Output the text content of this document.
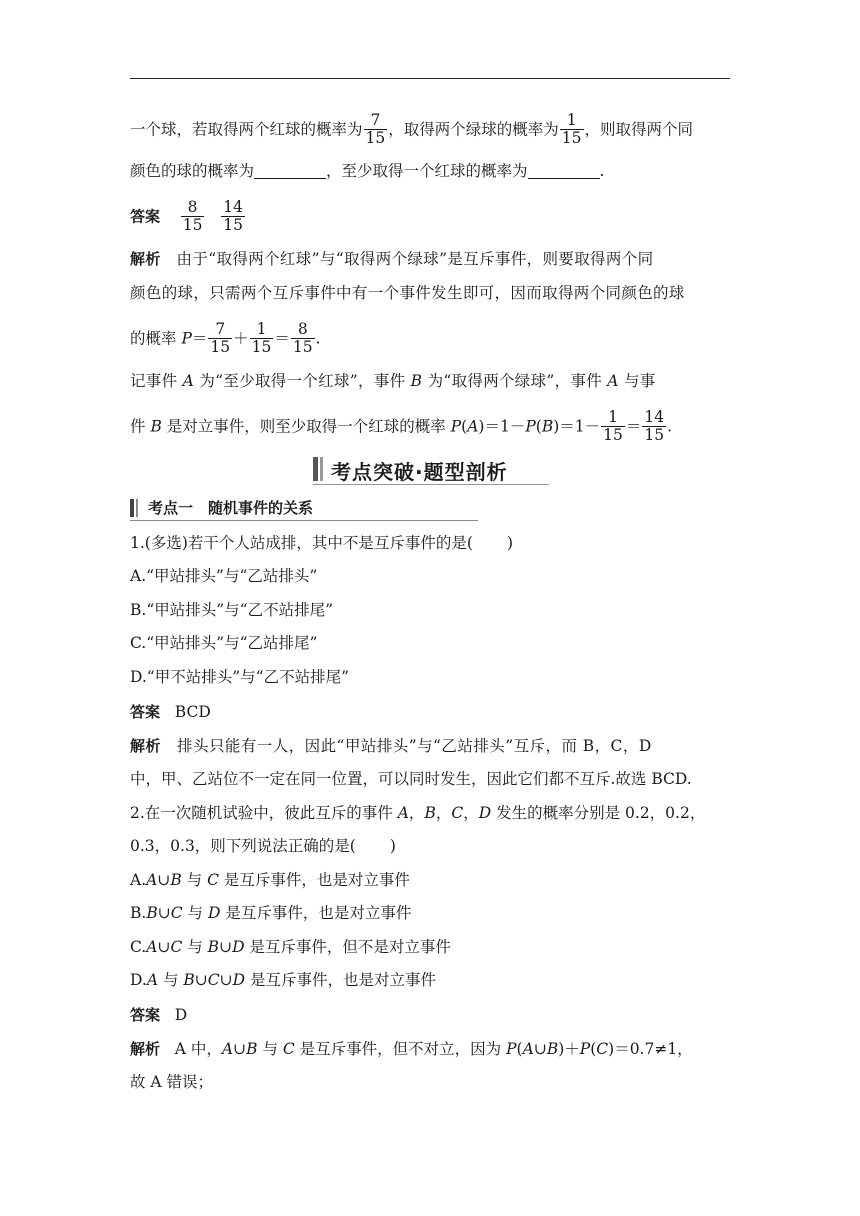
一个球，若取得两个红球的概率为 $\frac{7}{15}$ ，取得两个绿球的概率为 $\frac{1}{15}$ ，则取得两个同
颜色的球的概率为	，至少取得一个红球的概率为	.
答案 $\frac{8}{15}$
$\frac{14}{15}$
解析 由于“取得两个红球”与“取得两个绿球”是互斥事件，则要取得两个同
颜色的球，只需两个互斥事件中有一个事件发生即可，因而取得两个同颜色的球
的概率 $P= \frac{7}{15} + \frac{1}{15} = \frac{8}{15}$ .
记事件 A 为“至少取得一个红球”，事件 B 为“取得两个绿球”，事件 A 与事
件 B 是对立事件，则至少取得一个红球的概率 $P(A)=1-P(B)=1- \frac{1}{15} = \frac{14}{15}$ .
考点突破·题型剖析
考点一　随机事件的关系
1.(多选)若干个人站成排，其中不是互斥事件的是( )
A.“甲站排头”与“乙站排头”
B.“甲站排头”与“乙不站排尾”
C.“甲站排头”与“乙站排尾”
D.“甲不站排头”与“乙不站排尾”
答案 BCD
解析 排头只能有一人，因此“甲站排头”与“乙站排头”互斥，而 B，C，D
中，甲、乙站位不一定在同一位置，可以同时发生，因此它们都不互斥.故选 BCD.
2.在一次随机试验中，彼此互斥的事件 A，B，C，D 发生的概率分别是 0.2，0.2，
0.3，0.3，则下列说法正确的是( )
A.A∪B 与 C 是互斥事件，也是对立事件
B.B∪C 与 D 是互斥事件，也是对立事件
C.A∪C 与 B∪D 是互斥事件，但不是对立事件
D.A 与 B∪C∪D 是互斥事件，也是对立事件
答案 D
解析 A 中，A∪B 与 C 是互斥事件，但不对立，因为 P(A∪B)＋P(C)＝0.7≠1，
故 A 错误；
